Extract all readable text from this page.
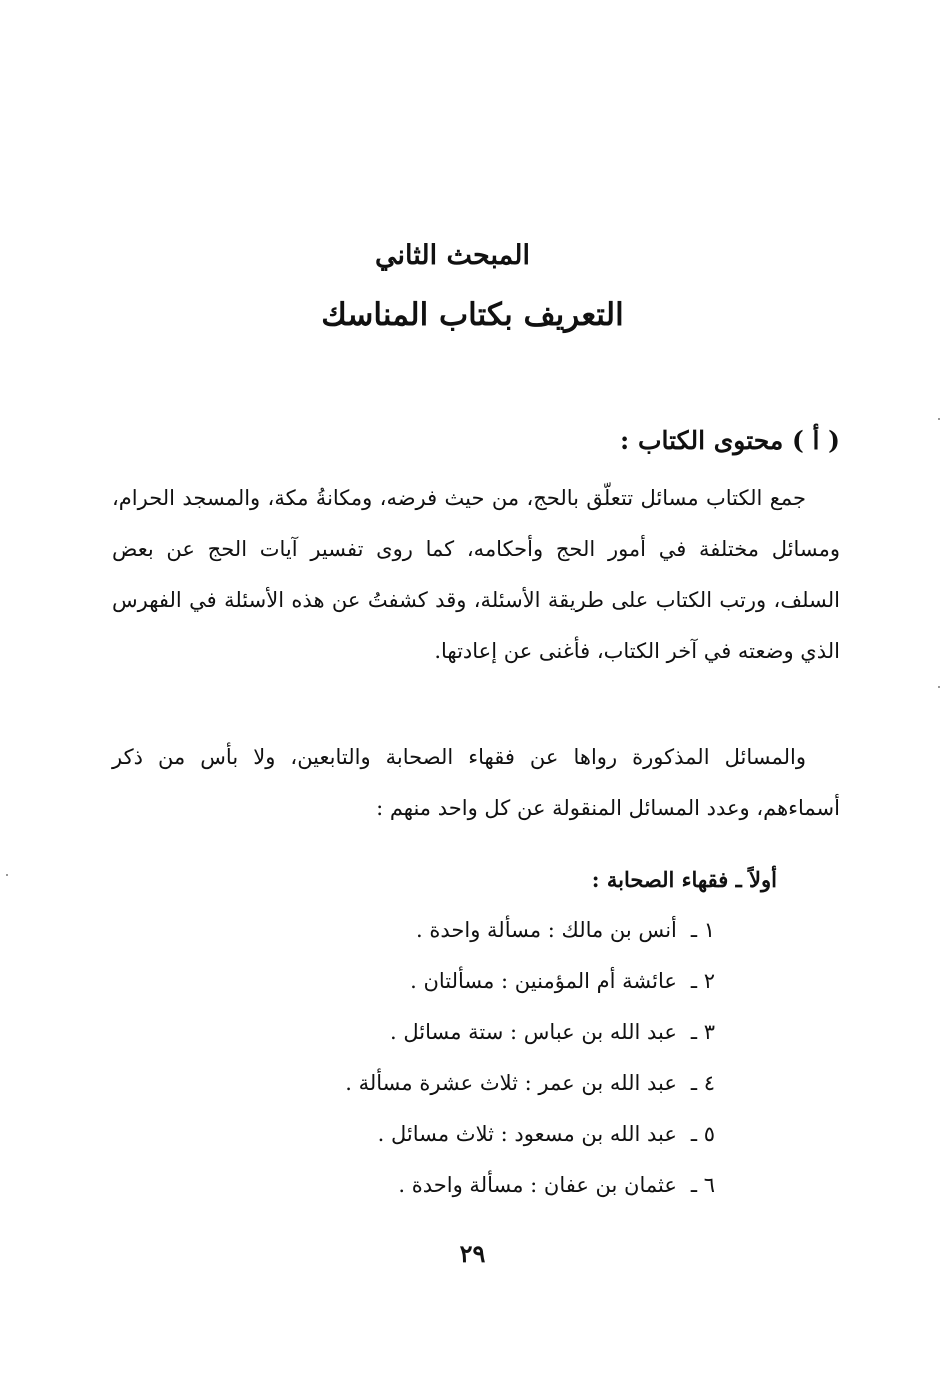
المبحث الثاني
التعريف بكتاب المناسك
( أ ) محتوى الكتاب :
جمع الكتاب مسائل تتعلّق بالحج، من حيث فرضه، ومكانةُ مكة، والمسجد الحرام، ومسائل مختلفة في أمور الحج وأحكامه، كما روى تفسير آيات الحج عن بعض السلف، ورتب الكتاب على طريقة الأسئلة، وقد كشفتُ عن هذه الأسئلة في الفهرس الذي وضعته في آخر الكتاب، فأغنى عن إعادتها.
والمسائل المذكورة رواها عن فقهاء الصحابة والتابعين، ولا بأس من ذكر أسماءهم، وعدد المسائل المنقولة عن كل واحد منهم :
أولاً ـ فقهاء الصحابة :
١ ـأنس بن مالك : مسألة واحدة .
٢ ـعائشة أم المؤمنين : مسألتان .
٣ ـعبد الله بن عباس : ستة مسائل .
٤ ـعبد الله بن عمر : ثلاث عشرة مسألة .
٥ ـعبد الله بن مسعود : ثلاث مسائل .
٦ ـعثمان بن عفان : مسألة واحدة .
٢٩
